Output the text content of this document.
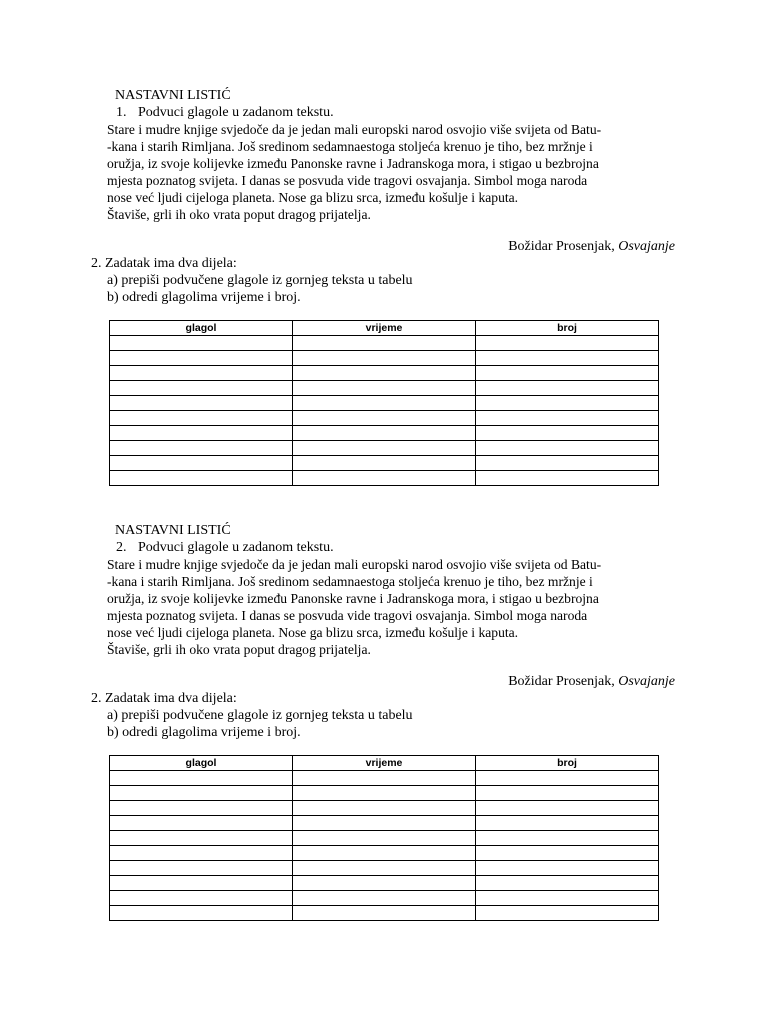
NASTAVNI LISTIĆ
1. Podvuci glagole u zadanom tekstu.
Stare i mudre knjige svjedoče da je jedan mali europski narod osvojio više svijeta od Batu-
-kana i starih Rimljana. Još sredinom sedamnaestoga stoljeća krenuo je tiho, bez mržnje i
oružja, iz svoje kolijevke između Panonske ravne i Jadranskoga mora, i stigao u bezbrojna
mjesta poznatog svijeta. I danas se posvuda vide tragovi osvajanja. Simbol moga naroda
nose već ljudi cijeloga planeta. Nose ga blizu srca, između košulje i kaputa.
Štaviše, grli ih oko vrata poput dragog prijatelja.
Božidar Prosenjak, Osvajanje
2. Zadatak ima dva dijela:
a) prepiši podvučene glagole iz gornjeg teksta u tabelu
b) odredi glagolima vrijeme i broj.
glagol	vrijeme	broj

NASTAVNI LISTIĆ
2. Podvuci glagole u zadanom tekstu.
Stare i mudre knjige svjedoče da je jedan mali europski narod osvojio više svijeta od Batu-
-kana i starih Rimljana. Još sredinom sedamnaestoga stoljeća krenuo je tiho, bez mržnje i
oružja, iz svoje kolijevke između Panonske ravne i Jadranskoga mora, i stigao u bezbrojna
mjesta poznatog svijeta. I danas se posvuda vide tragovi osvajanja. Simbol moga naroda
nose već ljudi cijeloga planeta. Nose ga blizu srca, između košulje i kaputa.
Štaviše, grli ih oko vrata poput dragog prijatelja.
Božidar Prosenjak, Osvajanje
2. Zadatak ima dva dijela:
a) prepiši podvučene glagole iz gornjeg teksta u tabelu
b) odredi glagolima vrijeme i broj.
glagol	vrijeme	broj
